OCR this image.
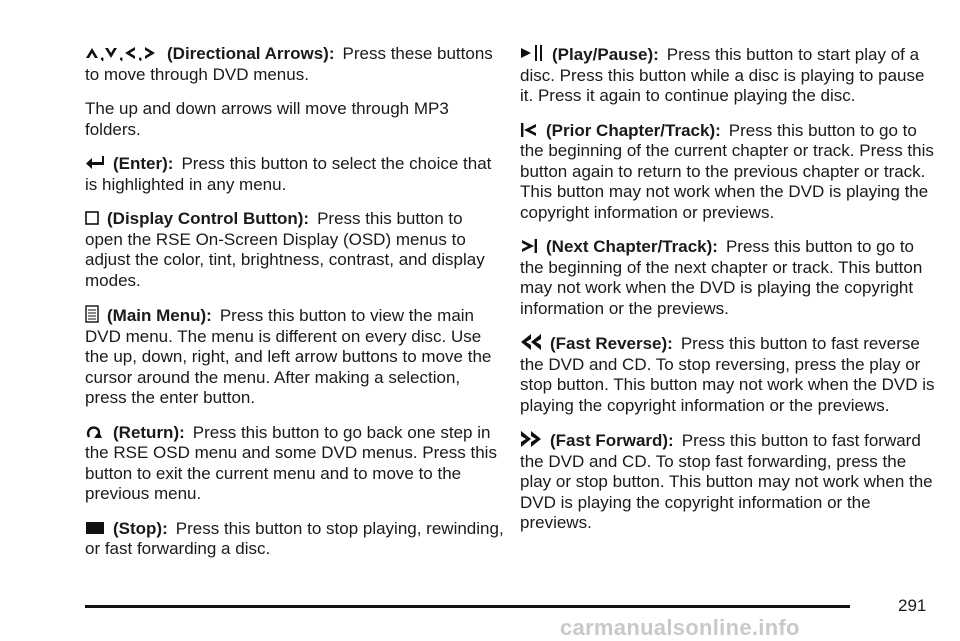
, , , (Directional Arrows): Press these buttons to move through DVD menus.

The up and down arrows will move through MP3 folders.

(Enter): Press this button to select the choice that is highlighted in any menu.

(Display Control Button): Press this button to open the RSE On-Screen Display (OSD) menus to adjust the color, tint, brightness, contrast, and display modes.

(Main Menu): Press this button to view the main DVD menu. The menu is different on every disc. Use the up, down, right, and left arrow buttons to move the cursor around the menu. After making a selection, press the enter button.

(Return): Press this button to go back one step in the RSE OSD menu and some DVD menus. Press this button to exit the current menu and to move to the previous menu.

(Stop): Press this button to stop playing, rewinding, or fast forwarding a disc.

(Play/Pause): Press this button to start play of a disc. Press this button while a disc is playing to pause it. Press it again to continue playing the disc.

(Prior Chapter/Track): Press this button to go to the beginning of the current chapter or track. Press this button again to return to the previous chapter or track. This button may not work when the DVD is playing the copyright information or previews.

(Next Chapter/Track): Press this button to go to the beginning of the next chapter or track. This button may not work when the DVD is playing the copyright information or the previews.

(Fast Reverse): Press this button to fast reverse the DVD and CD. To stop reversing, press the play or stop button. This button may not work when the DVD is playing the copyright information or the previews.

(Fast Forward): Press this button to fast forward the DVD and CD. To stop fast forwarding, press the play or stop button. This button may not work when the DVD is playing the copyright information or the previews.

291
carmanualsonline.info
